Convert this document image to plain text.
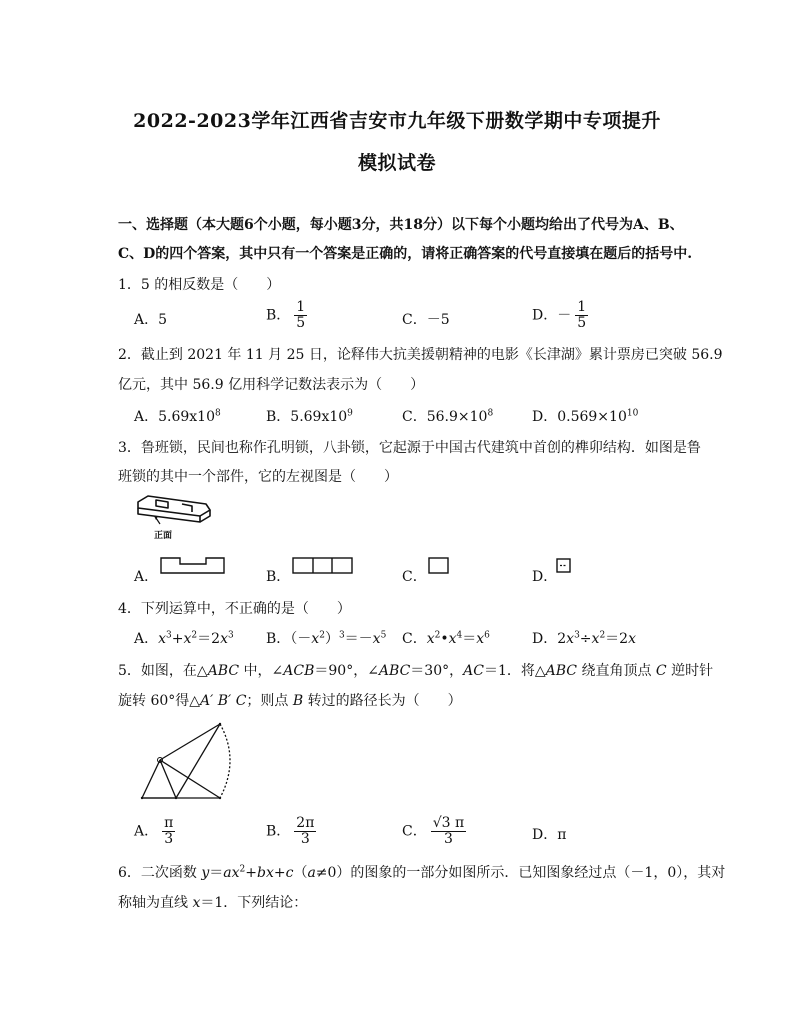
2022-2023学年江西省吉安市九年级下册数学期中专项提升
模拟试卷
一、选择题（本大题6个小题，每小题3分，共18分）以下每个小题均给出了代号为A、B、
C、D的四个答案，其中只有一个答案是正确的，请将正确答案的代号直接填在题后的括号中.
1．5 的相反数是（　　）
A．5	B． $\frac{1}{5}$	C．－5	D．－ $\frac{1}{5}$
2．截止到 2021 年 11 月 25 日，论释伟大抗美援朝精神的电影《长津湖》累计票房已突破 56.9
亿元，其中 56.9 亿用科学记数法表示为（　　）
A．$5.69x10^8$	B．$5.69x10^9$	C．$56.9\times 10^8$	D．$0.569\times 10^{10}$
3．鲁班锁，民间也称作孔明锁，八卦锁，它起源于中国古代建筑中首创的榫卯结构．如图是鲁
班锁的其中一个部件，它的左视图是（　　）
正面
A．	B．	C．	D．
4．下列运算中，不正确的是（　　）
A．$x^3+x^2=2x^3$ B．$(-x^2)^3=-x^5$ C．$x^2•x^4=x^6$	D．$2x^3\div x^2=2x$
5．如图，在△ABC 中，∠ACB＝90°，∠ABC＝30°，AC＝1．将△ABC 绕直角顶点 C 逆时针
旋转 60°得△A′ B′ C；则点 B 转过的路径长为（　　）
A． $\frac{\pi}{3}$	B． $\frac{2\pi}{3}$	C． $\frac{√3 \pi}{3}$	D．π
6．二次函数 $y=ax^2+bx+c(a\ne 0)$的图象的一部分如图所示．已知图象经过点（－1，0），其对
称轴为直线 x＝1．下列结论：
